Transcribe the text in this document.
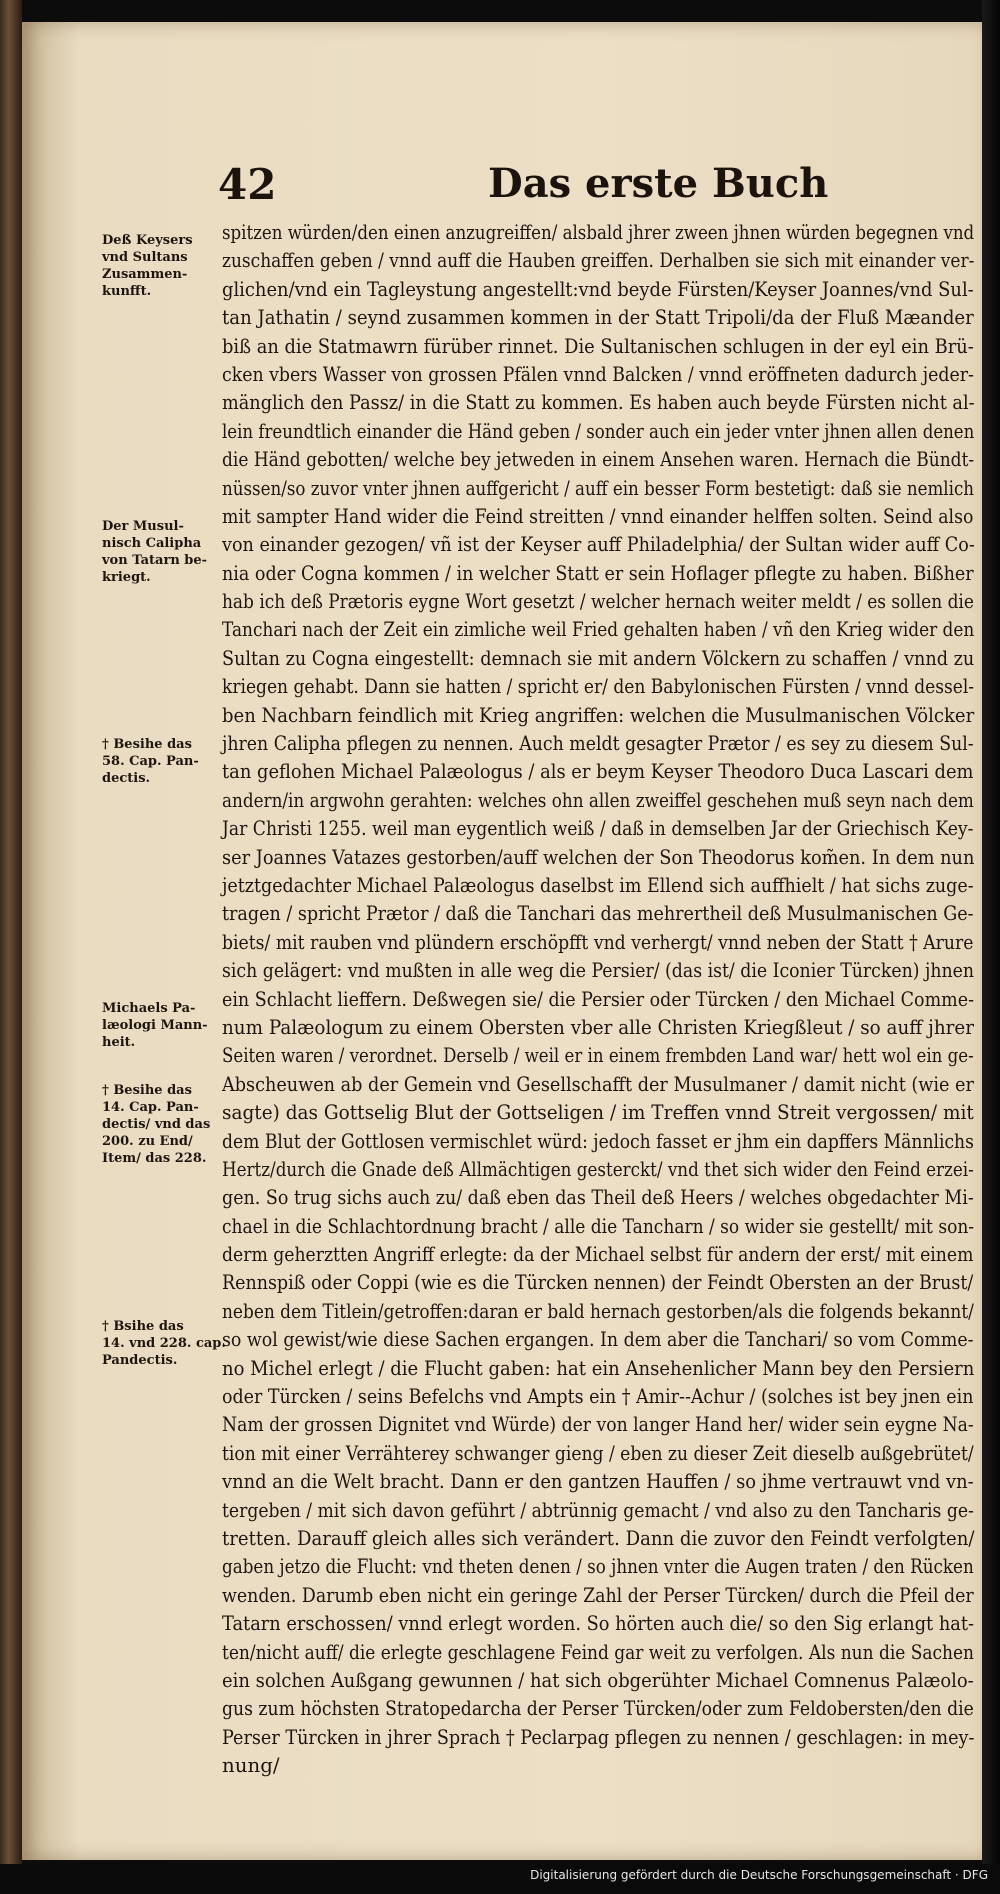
42	Das erste Buch
spitzen würden/den einen anzugreiffen/ alsbald jhrer zween jhnen würden begegnen vnd
zuschaffen geben / vnnd auff die Hauben greiffen. Derhalben sie sich mit einander ver-
glichen/vnd ein Tagleystung angestellt:vnd beyde Fürsten/Keyser Joannes/vnd Sul-
tan Jathatin / seynd zusammen kommen in der Statt Tripoli/da der Fluß Mæander
biß an die Statmawrn fürüber rinnet. Die Sultanischen schlugen in der eyl ein Brü-
cken vbers Wasser von grossen Pfälen vnnd Balcken / vnnd eröffneten dadurch jeder-
mänglich den Passz/ in die Statt zu kommen. Es haben auch beyde Fürsten nicht al-
lein freundtlich einander die Händ geben / sonder auch ein jeder vnter jhnen allen denen
die Händ gebotten/ welche bey jetweden in einem Ansehen waren. Hernach die Bündt-
nüssen/so zuvor vnter jhnen auffgericht / auff ein besser Form bestetigt: daß sie nemlich
mit sampter Hand wider die Feind streitten / vnnd einander helffen solten. Seind also
von einander gezogen/ vñ ist der Keyser auff Philadelphia/ der Sultan wider auff Co-
nia oder Cogna kommen / in welcher Statt er sein Hoflager pflegte zu haben. Bißher
hab ich deß Prætoris eygne Wort gesetzt / welcher hernach weiter meldt / es sollen die
Tanchari nach der Zeit ein zimliche weil Fried gehalten haben / vñ den Krieg wider den
Sultan zu Cogna eingestellt: demnach sie mit andern Völckern zu schaffen / vnnd zu
kriegen gehabt. Dann sie hatten / spricht er/ den Babylonischen Fürsten / vnnd dessel-
ben Nachbarn feindlich mit Krieg angriffen: welchen die Musulmanischen Völcker
jhren Calipha pflegen zu nennen. Auch meldt gesagter Prætor / es sey zu diesem Sul-
tan geflohen Michael Palæologus / als er beym Keyser Theodoro Duca Lascari dem
andern/in argwohn gerahten: welches ohn allen zweiffel geschehen muß seyn nach dem
Jar Christi 1255. weil man eygentlich weiß / daß in demselben Jar der Griechisch Key-
ser Joannes Vatazes gestorben/auff welchen der Son Theodorus kom̃en. In dem nun
jetztgedachter Michael Palæologus daselbst im Ellend sich auffhielt / hat sichs zuge-
tragen / spricht Prætor / daß die Tanchari das mehrertheil deß Musulmanischen Ge-
biets/ mit rauben vnd plündern erschöpfft vnd verhergt/ vnnd neben der Statt † Arure
sich gelägert: vnd mußten in alle weg die Persier/ (das ist/ die Iconier Türcken) jhnen
ein Schlacht lieffern. Deßwegen sie/ die Persier oder Türcken / den Michael Comme-
num Palæologum zu einem Obersten vber alle Christen Kriegßleut / so auff jhrer
Seiten waren / verordnet. Derselb / weil er in einem frembden Land war/ hett wol ein ge-
Abscheuwen ab der Gemein vnd Gesellschafft der Musulmaner / damit nicht (wie er
sagte) das Gottselig Blut der Gottseligen / im Treffen vnnd Streit vergossen/ mit
dem Blut der Gottlosen vermischlet würd: jedoch fasset er jhm ein dapffers Männlichs
Hertz/durch die Gnade deß Allmächtigen gesterckt/ vnd thet sich wider den Feind erzei-
gen. So trug sichs auch zu/ daß eben das Theil deß Heers / welches obgedachter Mi-
chael in die Schlachtordnung bracht / alle die Tancharn / so wider sie gestellt/ mit son-
derm geherztten Angriff erlegte: da der Michael selbst für andern der erst/ mit einem
Rennspiß oder Coppi (wie es die Türcken nennen) der Feindt Obersten an der Brust/
neben dem Titlein/getroffen:daran er bald hernach gestorben/als die folgends bekannt/
so wol gewist/wie diese Sachen ergangen. In dem aber die Tanchari/ so vom Comme-
no Michel erlegt / die Flucht gaben: hat ein Ansehenlicher Mann bey den Persiern
oder Türcken / seins Befelchs vnd Ampts ein † Amir--Achur / (solches ist bey jnen ein
Nam der grossen Dignitet vnd Würde) der von langer Hand her/ wider sein eygne Na-
tion mit einer Verrähterey schwanger gieng / eben zu dieser Zeit dieselb außgebrütet/
vnnd an die Welt bracht. Dann er den gantzen Hauffen / so jhme vertrauwt vnd vn-
tergeben / mit sich davon geführt / abtrünnig gemacht / vnd also zu den Tancharis ge-
tretten. Darauff gleich alles sich verändert. Dann die zuvor den Feindt verfolgten/
gaben jetzo die Flucht: vnd theten denen / so jhnen vnter die Augen traten / den Rücken
wenden. Darumb eben nicht ein geringe Zahl der Perser Türcken/ durch die Pfeil der
Tatarn erschossen/ vnnd erlegt worden. So hörten auch die/ so den Sig erlangt hat-
ten/nicht auff/ die erlegte geschlagene Feind gar weit zu verfolgen. Als nun die Sachen
ein solchen Außgang gewunnen / hat sich obgerühter Michael Comnenus Palæolo-
gus zum höchsten Stratopedarcha der Perser Türcken/oder zum Feldobersten/den die
Perser Türcken in jhrer Sprach † Peclarpag pflegen zu nennen / geschlagen: in mey-
nung/
Deß Keysers
vnd Sultans
Zusammen-
kunfft.
Der Musul-
nisch Calipha
von Tatarn be-
kriegt.
† Besihe das
58. Cap. Pan-
dectis.
Michaels Pa-
læologi Mann-
heit.
† Besihe das
14. Cap. Pan-
dectis/ vnd das
200. zu End/
Item/ das 228.
† Bsihe das
14. vnd 228. cap.
Pandectis.
Digitalisierung gefördert durch die Deutsche Forschungsgemeinschaft · DFG
